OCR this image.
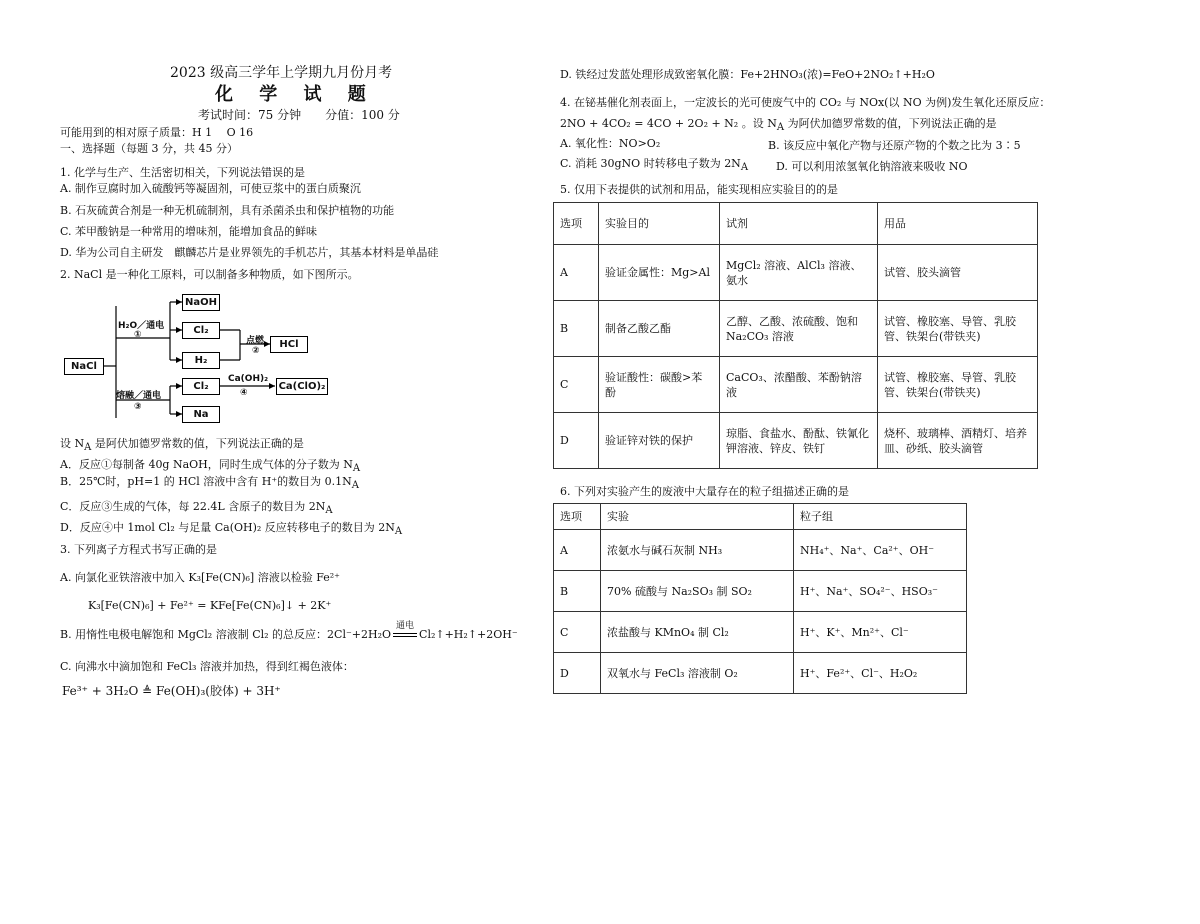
2023 级高三学年上学期九月份月考
化 学 试 题
考试时间：75 分钟　　分值：100 分
可能用到的相对原子质量：H 1　 O 16
一、选择题（每题 3 分，共 45 分）
1. 化学与生产、生活密切相关，下列说法错误的是
A. 制作豆腐时加入硫酸钙等凝固剂，可使豆浆中的蛋白质聚沉
B. 石灰硫黄合剂是一种无机硫制剂，具有杀菌杀虫和保护植物的功能
C. 苯甲酸钠是一种常用的增味剂，能增加食品的鲜味
D. 华为公司自主研发　麒麟芯片是业界领先的手机芯片，其基本材料是单晶硅
2. NaCl 是一种化工原料，可以制备多种物质，如下图所示。
NaCl
NaOH
Cl₂
H₂
HCl
Cl₂
Na
Ca(ClO)₂
H₂O／通电
①
点燃
②
Ca(OH)₂
④
熔融／通电
③
设 $N_A$ 是阿伏加德罗常数的值，下列说法正确的是
A．反应①每制备 40g NaOH，同时生成气体的分子数为 $N_A$
B．25℃时，pH=1 的 HCl 溶液中含有 H⁺的数目为 $0.1N_A$
C．反应③生成的气体，每 22.4L 含原子的数目为 $2N_A$
D．反应④中 1mol Cl₂ 与足量 Ca(OH)₂ 反应转移电子的数目为 $2N_A$
3. 下列离子方程式书写正确的是
A. 向氯化亚铁溶液中加入 K₃[Fe(CN)₆] 溶液以检验 Fe²⁺
K₃[Fe(CN)₆] + Fe²⁺ = KFe[Fe(CN)₆]↓ + 2K⁺
B. 用惰性电极电解饱和 MgCl₂ 溶液制 Cl₂ 的总反应：2Cl⁻+2H₂O
通电
Cl₂↑+H₂↑+2OH⁻
C. 向沸水中滴加饱和 FeCl₃ 溶液并加热，得到红褐色液体：
Fe³⁺ + 3H₂O ≜ Fe(OH)₃(胶体) + 3H⁺
D. 铁经过发蓝处理形成致密氧化膜：Fe+2HNO₃(浓)=FeO+2NO₂↑+H₂O
4. 在铋基催化剂表面上，一定波长的光可使废气中的 CO₂ 与 NOx(以 NO 为例)发生氧化还原反应：
2NO + 4CO₂ = 4CO + 2O₂ + N₂ 。设 $N_A$ 为阿伏加德罗常数的值，下列说法正确的是
A. 氧化性：NO>O₂	B. 该反应中氧化产物与还原产物的个数之比为 3∶5
C. 消耗 30gNO 时转移电子数为 $2N_A$	D. 可以利用浓氢氧化钠溶液来吸收 NO
5. 仅用下表提供的试剂和用品，能实现相应实验目的的是
选项	实验目的	试剂	用品
A	验证金属性：Mg>Al	MgCl₂ 溶液、AlCl₃ 溶液、氨水	试管、胶头滴管
B	制备乙酸乙酯	乙醇、乙酸、浓硫酸、饱和 Na₂CO₃ 溶液	试管、橡胶塞、导管、乳胶管、铁架台(带铁夹)
C	验证酸性：碳酸>苯酚	CaCO₃、浓醋酸、苯酚钠溶液	试管、橡胶塞、导管、乳胶管、铁架台(带铁夹)
D	验证锌对铁的保护	琼脂、食盐水、酚酞、铁氰化钾溶液、锌皮、铁钉	烧杯、玻璃棒、酒精灯、培养皿、砂纸、胶头滴管
6. 下列对实验产生的废液中大量存在的粒子组描述正确的是
选项	实验	粒子组
A	浓氨水与碱石灰制 NH₃	NH₄⁺、Na⁺、Ca²⁺、OH⁻
B	70% 硫酸与 Na₂SO₃ 制 SO₂	H⁺、Na⁺、SO₄²⁻、HSO₃⁻
C	浓盐酸与 KMnO₄ 制 Cl₂	H⁺、K⁺、Mn²⁺、Cl⁻
D	双氧水与 FeCl₃ 溶液制 O₂	H⁺、Fe²⁺、Cl⁻、H₂O₂
